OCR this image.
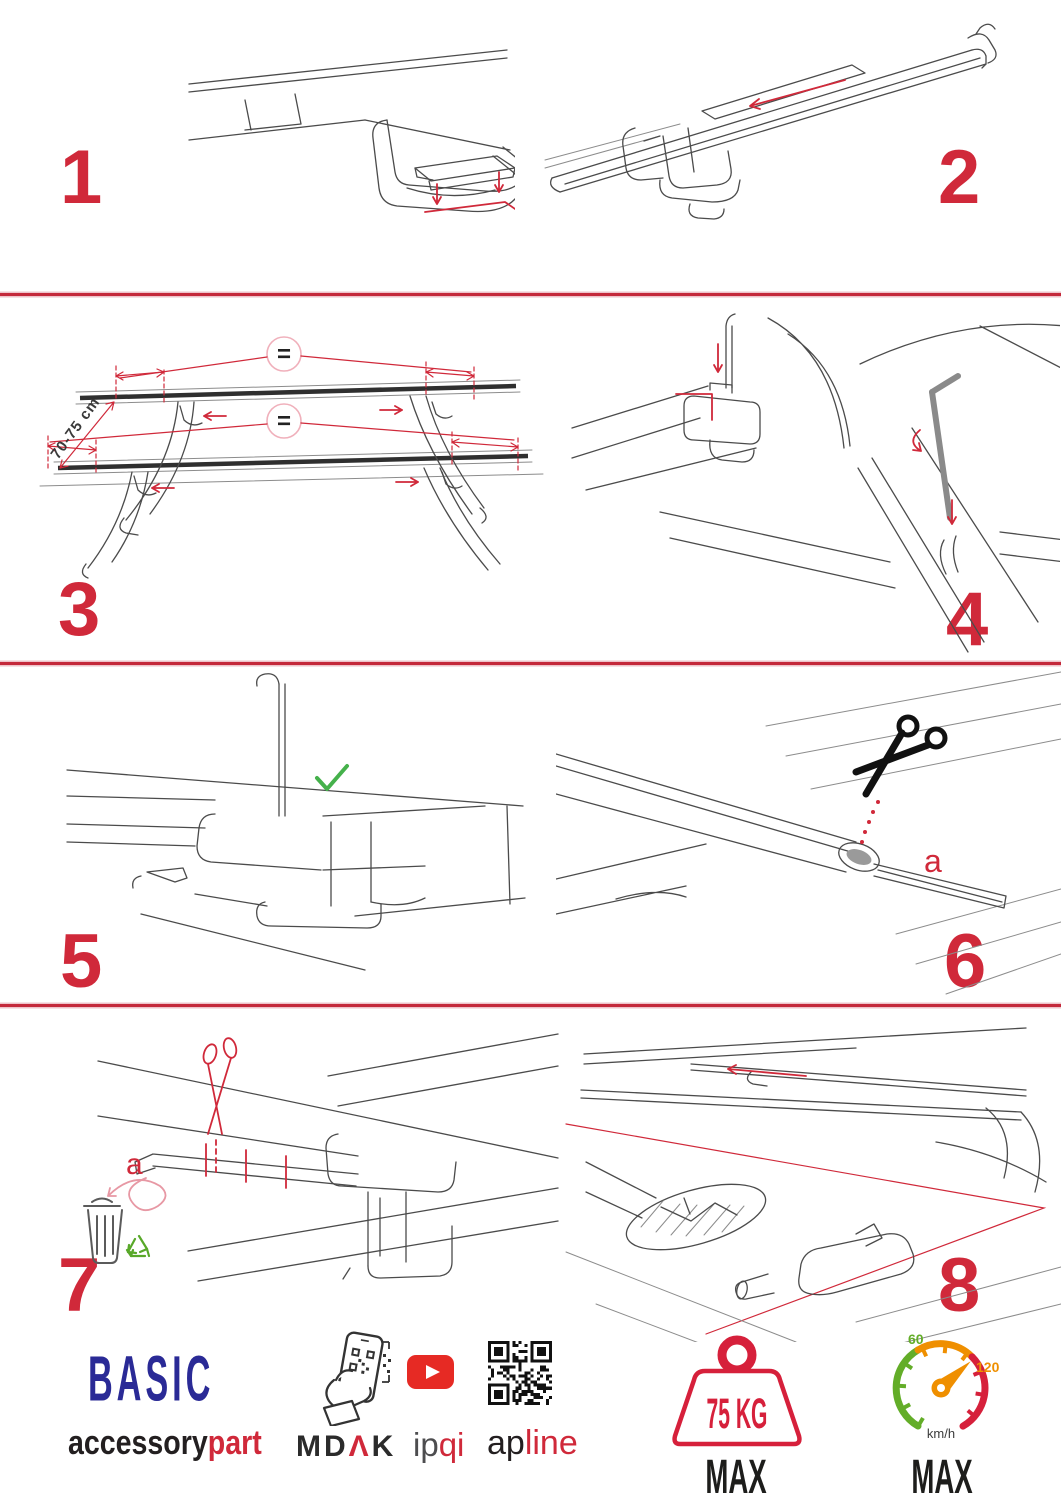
1	2
3	4
5	6
7	8
=
=
70-75 cm
a
a
BASIC
accessorypart MDΛK ipqi apline
75 KG
MAX
60
120
km/h
MAX
